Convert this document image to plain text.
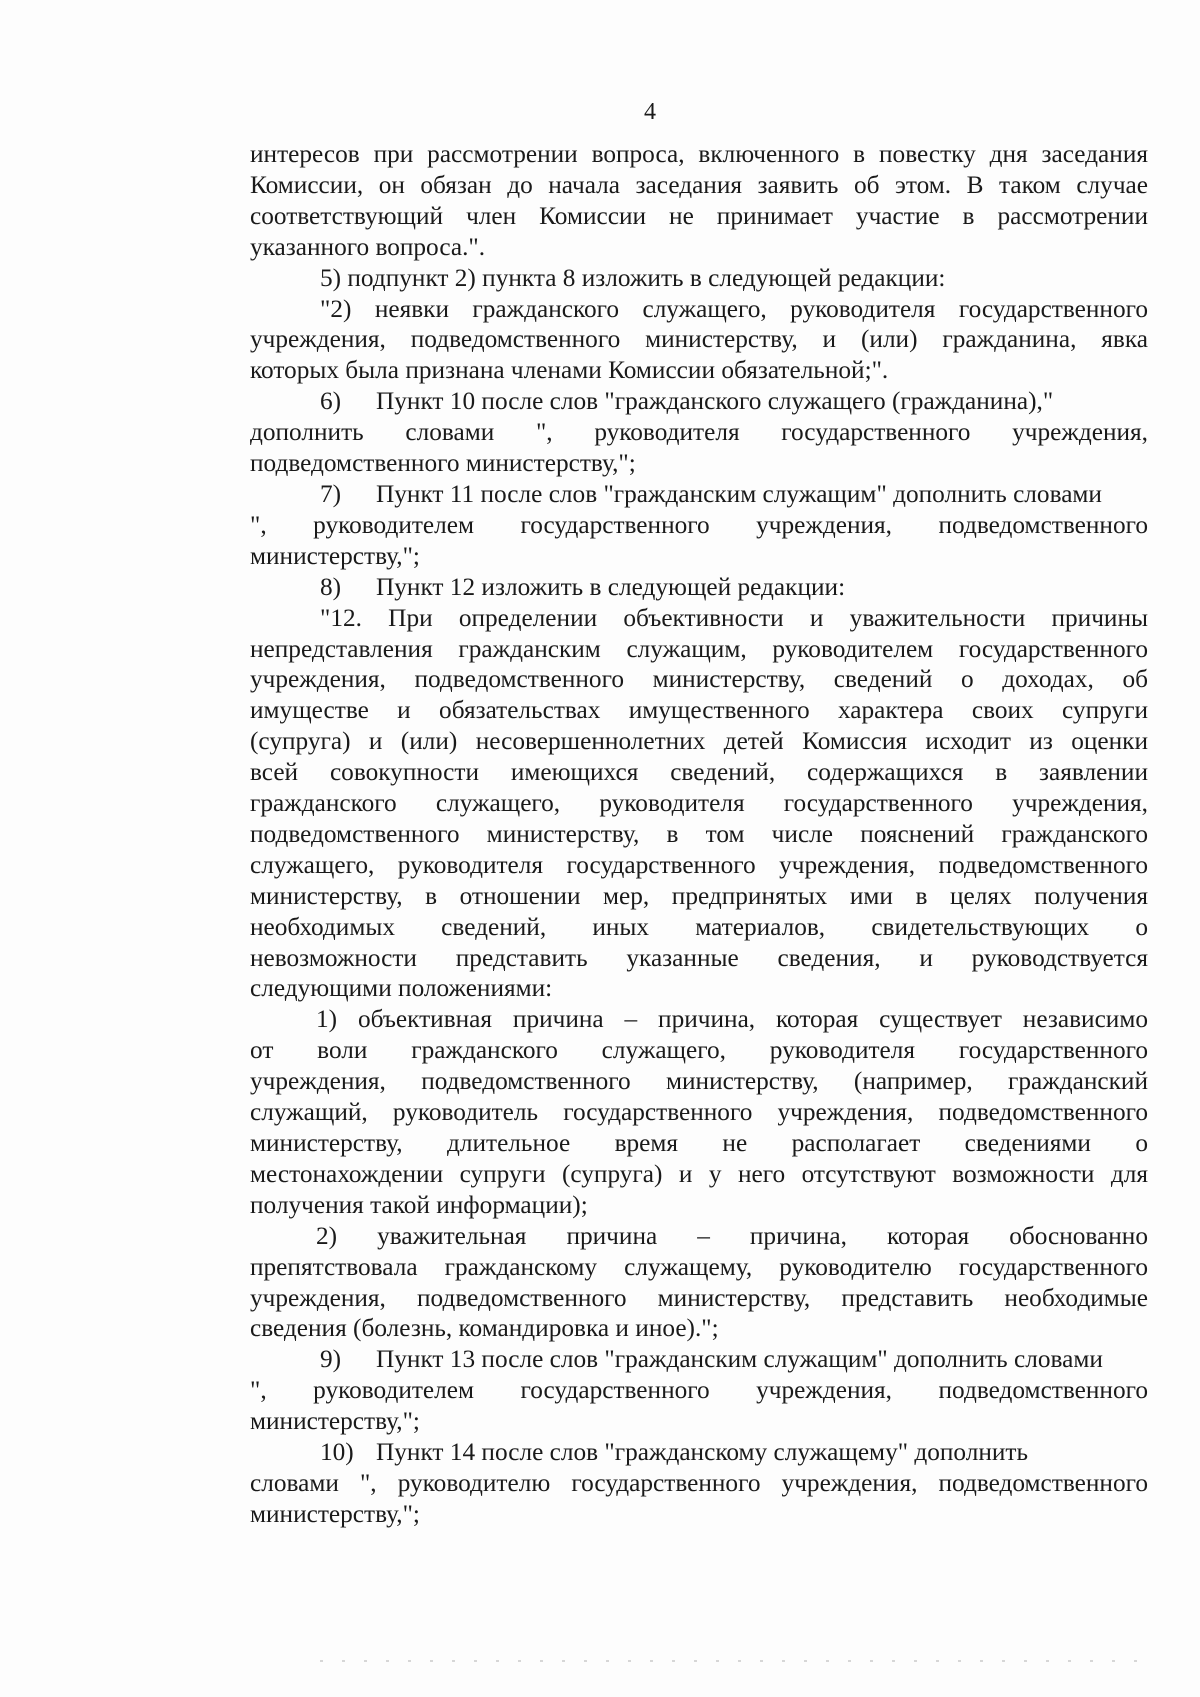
4
интересов при рассмотрении вопроса, включенного в повестку дня заседания
Комиссии, он обязан до начала заседания заявить об этом. В таком случае
соответствующий член Комиссии не принимает участие в рассмотрении
указанного вопроса.".
5) подпункт 2) пункта 8 изложить в следующей редакции:
"2) неявки гражданского служащего, руководителя государственного
учреждения, подведомственного министерству, и (или) гражданина, явка
которых была признана членами Комиссии обязательной;".
6) Пункт 10 после слов "гражданского служащего (гражданина),"
дополнить словами ", руководителя государственного учреждения,
подведомственного министерству,";
7) Пункт 11 после слов "гражданским служащим" дополнить словами
", руководителем государственного учреждения, подведомственного
министерству,";
8) Пункт 12 изложить в следующей редакции:
"12. При определении объективности и уважительности причины
непредставления гражданским служащим, руководителем государственного
учреждения, подведомственного министерству, сведений о доходах, об
имуществе и обязательствах имущественного характера своих супруги
(супруга) и (или) несовершеннолетних детей Комиссия исходит из оценки
всей совокупности имеющихся сведений, содержащихся в заявлении
гражданского служащего, руководителя государственного учреждения,
подведомственного министерству, в том числе пояснений гражданского
служащего, руководителя государственного учреждения, подведомственного
министерству, в отношении мер, предпринятых ими в целях получения
необходимых сведений, иных материалов, свидетельствующих о
невозможности представить указанные сведения, и руководствуется
следующими положениями:
1) объективная причина – причина, которая существует независимо
от воли гражданского служащего, руководителя государственного
учреждения, подведомственного министерству, (например, гражданский
служащий, руководитель государственного учреждения, подведомственного
министерству, длительное время не располагает сведениями о
местонахождении супруги (супруга) и у него отсутствуют возможности для
получения такой информации);
2) уважительная причина – причина, которая обоснованно
препятствовала гражданскому служащему, руководителю государственного
учреждения, подведомственного министерству, представить необходимые
сведения (болезнь, командировка и иное).";
9) Пункт 13 после слов "гражданским служащим" дополнить словами
", руководителем государственного учреждения, подведомственного
министерству,";
10) Пункт 14 после слов "гражданскому служащему" дополнить
словами ", руководителю государственного учреждения, подведомственного
министерству,";
